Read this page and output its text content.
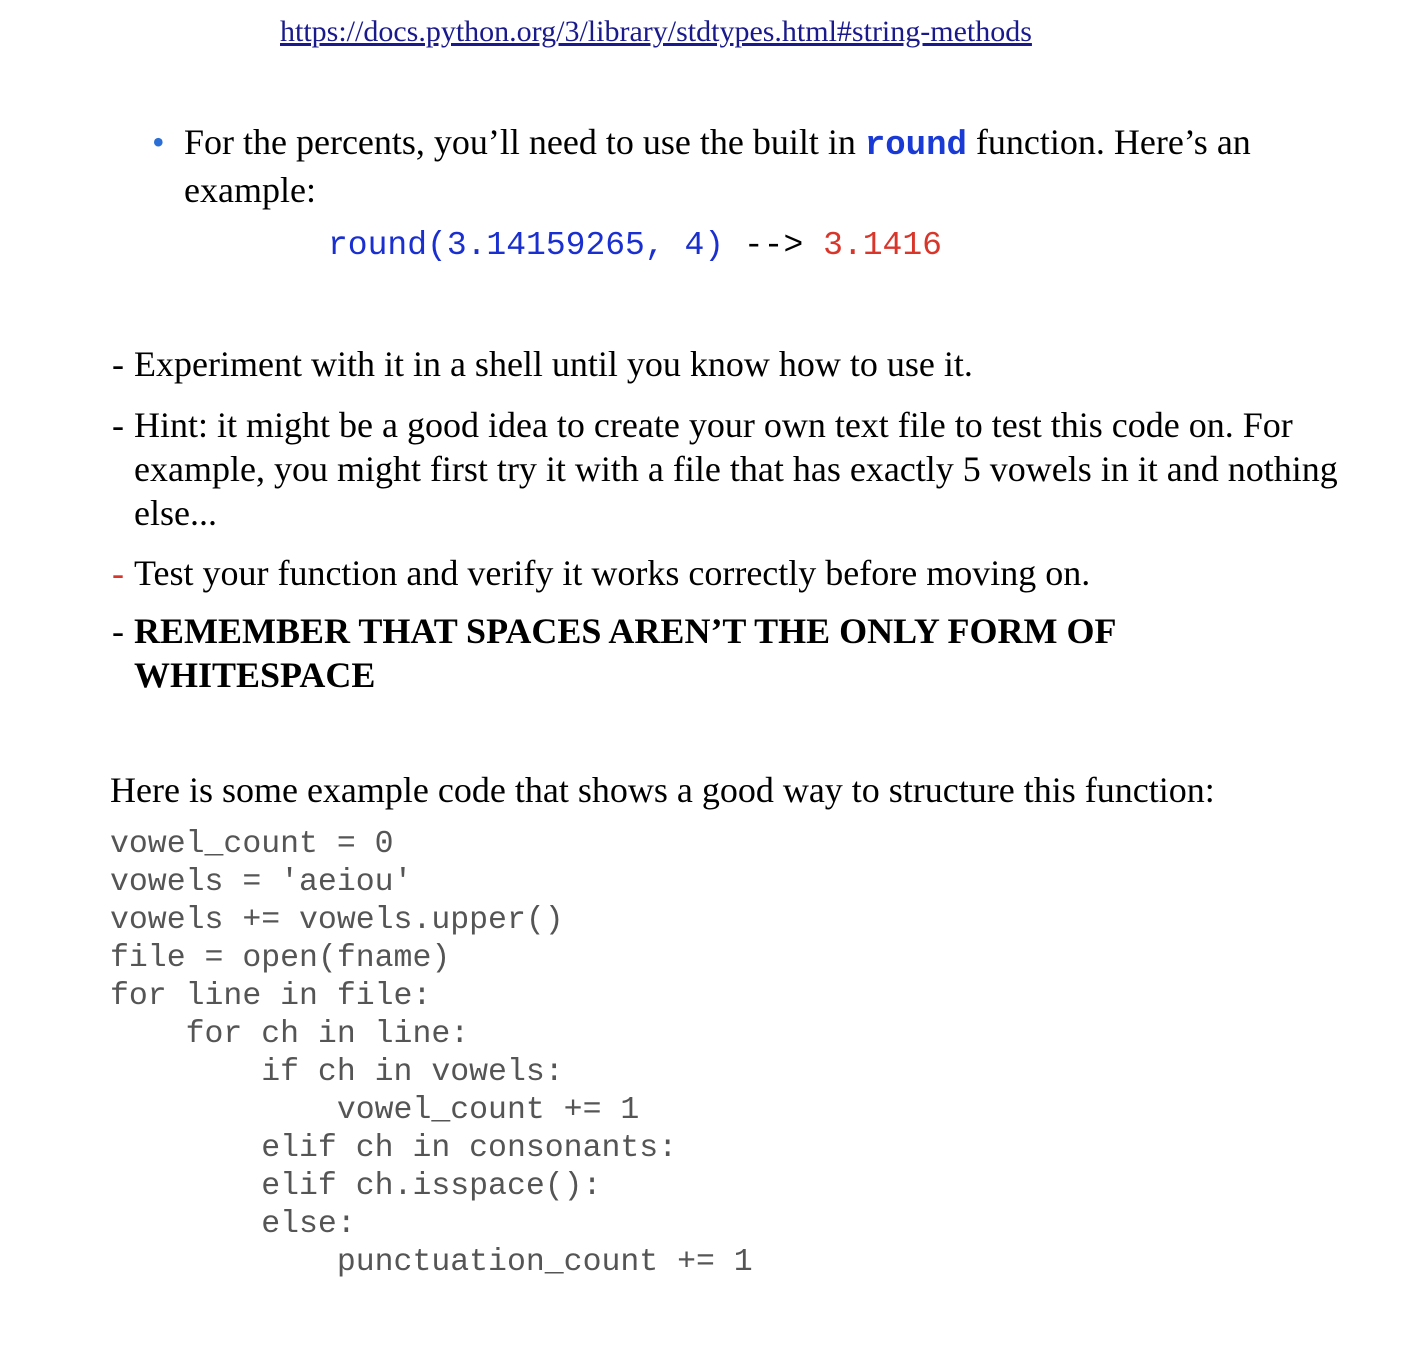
https://docs.python.org/3/library/stdtypes.html#string-methods
• For the percents, you’ll need to use the built in round function. Here’s an example:
round(3.14159265, 4) --> 3.1416
- Experiment with it in a shell until you know how to use it.
- Hint: it might be a good idea to create your own text file to test this code on. For example, you might first try it with a file that has exactly 5 vowels in it and nothing else...
- Test your function and verify it works correctly before moving on.
- REMEMBER THAT SPACES AREN’T THE ONLY FORM OF WHITESPACE
Here is some example code that shows a good way to structure this function:
vowel_count = 0
vowels = 'aeiou'
vowels += vowels.upper()
file = open(fname)
for line in file:
for ch in line:
if ch in vowels:
vowel_count += 1
elif ch in consonants:
elif ch.isspace():
else:
punctuation_count += 1
